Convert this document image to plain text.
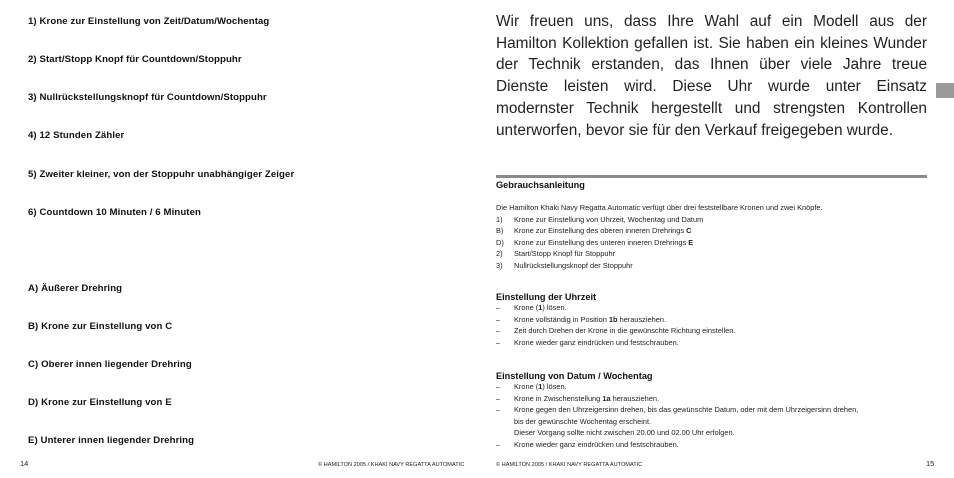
1) Krone zur Einstellung von Zeit/Datum/Wochentag
2) Start/Stopp Knopf für Countdown/Stoppuhr
3) Nullrückstellungsknopf für Countdown/Stoppuhr
4) 12 Stunden Zähler
5) Zweiter kleiner, von der Stoppuhr unabhängiger Zeiger
6) Countdown 10 Minuten / 6 Minuten
A) Äußerer Drehring
B) Krone zur Einstellung von C
C) Oberer innen liegender Drehring
D) Krone zur Einstellung von E
E) Unterer innen liegender Drehring
14	© HAMILTON 2005 / KHAKI NAVY REGATTA AUTOMATIC
Wir freuen uns, dass Ihre Wahl auf ein Modell aus der Hamilton Kollektion gefallen ist. Sie haben ein kleines Wunder der Technik erstanden, das Ihnen über viele Jahre treue Dienste leisten wird. Diese Uhr wurde unter Einsatz modernster Technik hergestellt und strengsten Kontrollen unterworfen, bevor sie für den Verkauf freigegeben wurde.
Gebrauchsanleitung
Die Hamilton Khaki Navy Regatta Automatic verfügt über drei feststellbare Kronen und zwei Knöpfe.
1)	Krone zur Einstellung von Uhrzeit, Wochentag und Datum
B)	Krone zur Einstellung des oberen inneren Drehrings C
D)	Krone zur Einstellung des unteren inneren Drehrings E
2)	Start/Stopp Knopf für Stoppuhr
3)	Nullrückstellungsknopf der Stoppuhr
Einstellung der Uhrzeit
–	Krone (1) lösen.
–	Krone vollständig in Position 1b herausziehen.
–	Zeit durch Drehen der Krone in die gewünschte Richtung einstellen.
–	Krone wieder ganz eindrücken und festschrauben.
Einstellung von Datum / Wochentag
–	Krone (1) lösen.
–	Krone in Zwischenstellung 1a herausziehen.
–	Krone gegen den Uhrzeigersinn drehen, bis das gewünschte Datum, oder mit dem Uhrzeigersinn drehen,
bis der gewünschte Wochentag erscheint.
Dieser Vorgang sollte nicht zwischen 20.00 und 02.00 Uhr erfolgen.
–	Krone wieder ganz eindrücken und festschrauben.
© HAMILTON 2005 / KHAKI NAVY REGATTA AUTOMATIC	15
